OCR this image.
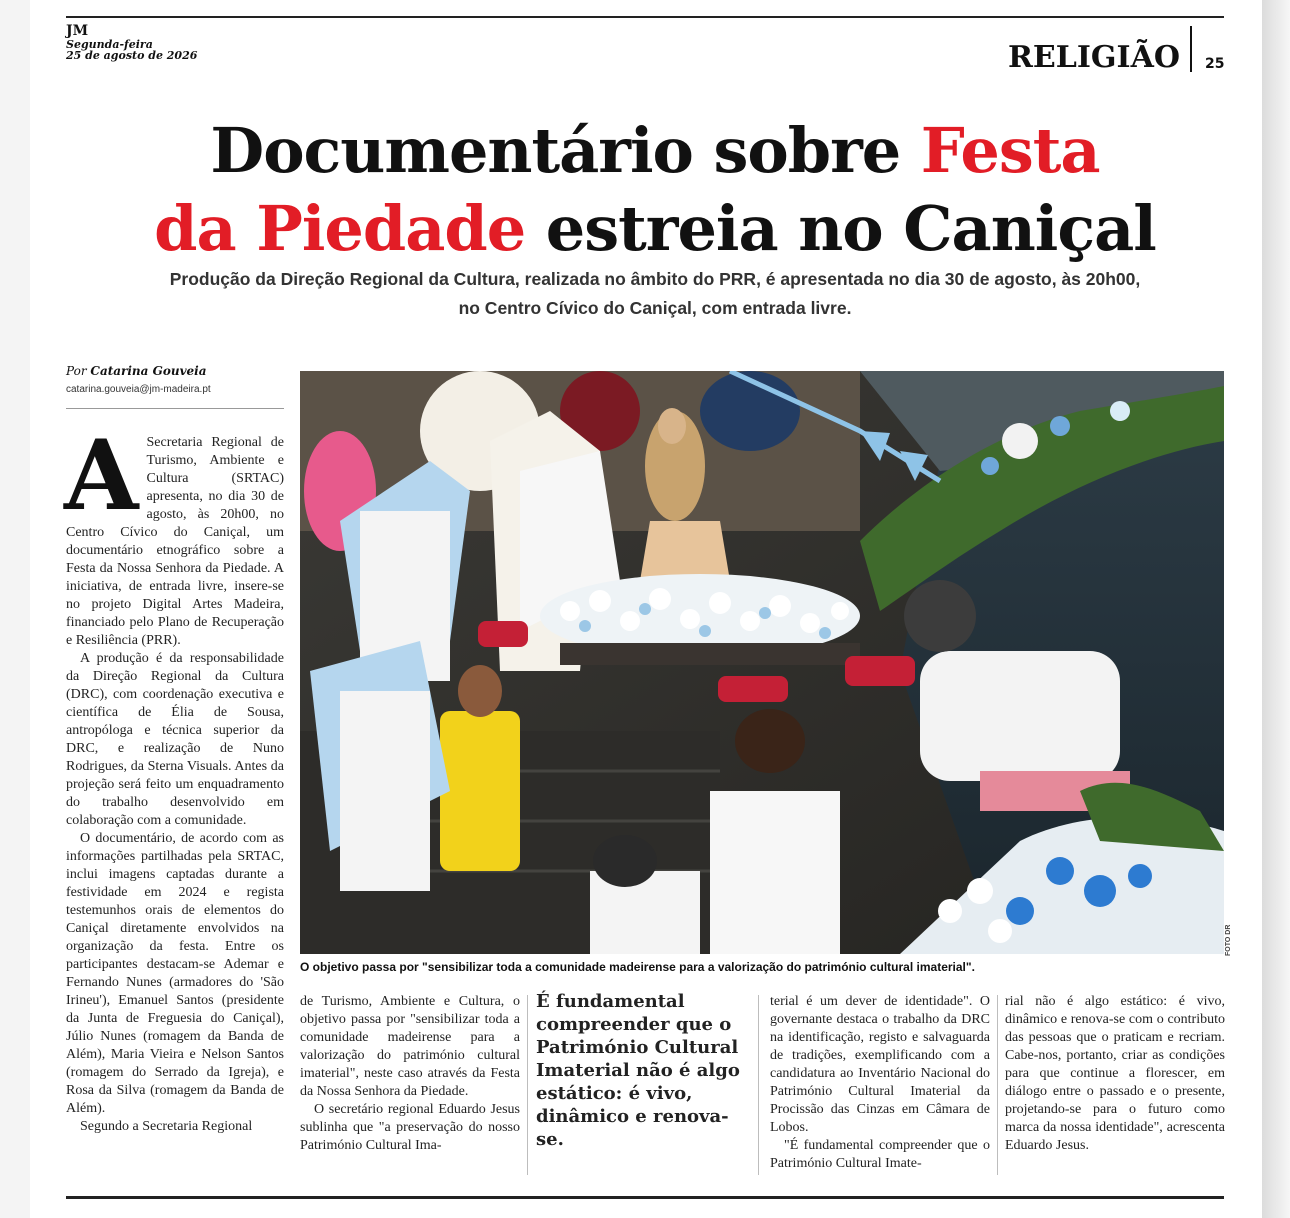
JM
Segunda-feira
25 de agosto de 2026	RELIGIÃO 25
Documentário sobre Festa
da Piedade estreia no Caniçal
Produção da Direção Regional da Cultura, realizada no âmbito do PRR, é apresentada no dia 30 de agosto, às 20h00,
no Centro Cívico do Caniçal, com entrada livre.
Por Catarina Gouveia
catarina.gouveia@jm-madeira.pt
A Secretaria Regional de Turismo, Ambiente e Cultura (SRTAC) apresenta, no dia 30 de agosto, às 20h00, no Centro Cívico do Caniçal, um documentário etnográfico sobre a Festa da Nossa Senhora da Piedade. A iniciativa, de entrada livre, insere-se no projeto Digital Artes Madeira, financiado pelo Plano de Recuperação e Resiliência (PRR).

A produção é da responsabilidade da Direção Regional da Cultura (DRC), com coordenação executiva e científica de Élia de Sousa, antropóloga e técnica superior da DRC, e realização de Nuno Rodrigues, da Sterna Visuals. Antes da projeção será feito um enquadramento do trabalho desenvolvido em colaboração com a comunidade.

O documentário, de acordo com as informações partilhadas pela SRTAC, inclui imagens captadas durante a festividade em 2024 e regista testemunhos orais de elementos do Caniçal diretamente envolvidos na organização da festa. Entre os participantes destacam-se Ademar e Fernando Nunes (armadores do 'São Irineu'), Emanuel Santos (presidente da Junta de Freguesia do Caniçal), Júlio Nunes (romagem da Banda de Além), Maria Vieira e Nelson Santos (romagem do Serrado da Igreja), e Rosa da Silva (romagem da Banda de Além).

Segundo a Secretaria Regional

FOTO DR
O objetivo passa por "sensibilizar toda a comunidade madeirense para a valorização do património cultural imaterial".

de Turismo, Ambiente e Cultura, o objetivo passa por "sensibilizar toda a comunidade madeirense para a valorização do património cultural imaterial", neste caso através da Festa da Nossa Senhora da Piedade.

O secretário regional Eduardo Jesus sublinha que "a preservação do nosso Património Cultural Ima-

É fundamental compreender que o Património Cultural Imaterial não é algo estático: é vivo, dinâmico e renova-se.

terial é um dever de identidade". O governante destaca o trabalho da DRC na identificação, registo e salvaguarda de tradições, exemplificando com a candidatura ao Inventário Nacional do Património Cultural Imaterial da Procissão das Cinzas em Câmara de Lobos.

"É fundamental compreender que o Património Cultural Imate-

rial não é algo estático: é vivo, dinâmico e renova-se com o contributo das pessoas que o praticam e recriam. Cabe-nos, portanto, criar as condições para que continue a florescer, em diálogo entre o passado e o presente, projetando-se para o futuro como marca da nossa identidade", acrescenta Eduardo Jesus.
